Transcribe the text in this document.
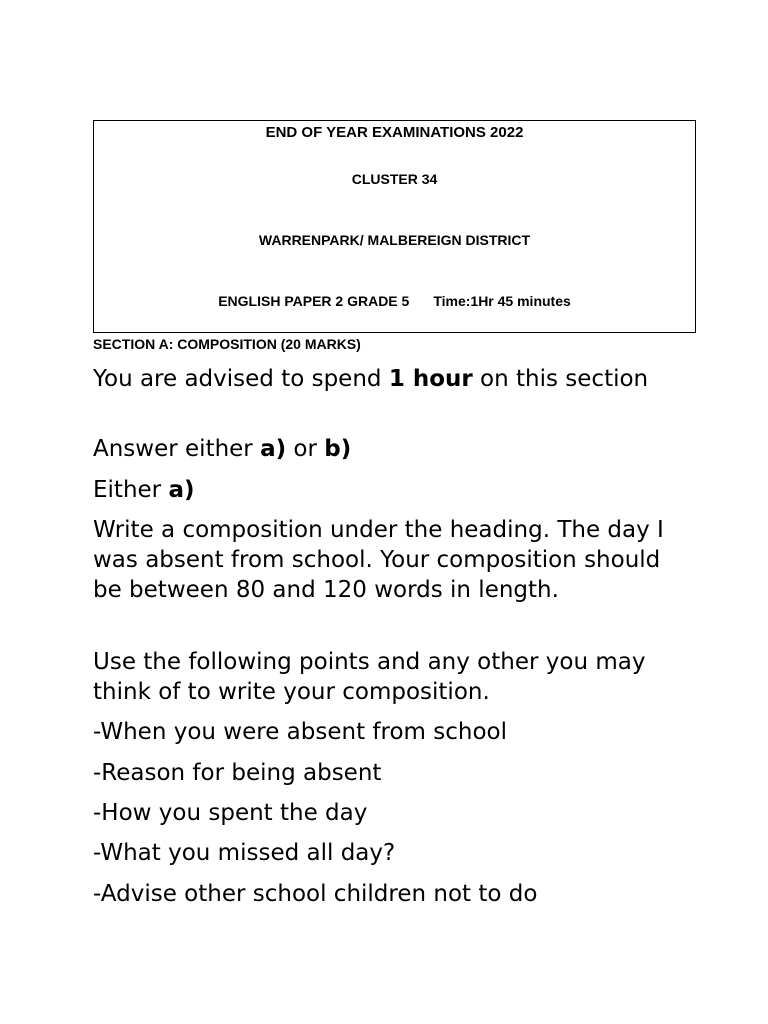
END OF YEAR EXAMINATIONS 2022
CLUSTER 34
WARRENPARK/ MALBEREIGN DISTRICT
ENGLISH PAPER 2 GRADE 5 Time:1Hr 45 minutes
SECTION A: COMPOSITION (20 MARKS)

You are advised to spend 1 hour on this section

Answer either a) or b)

Either a)

Write a composition under the heading. The day I was absent from school. Your composition should be between 80 and 120 words in length.

Use the following points and any other you may think of to write your composition.

-When you were absent from school

-Reason for being absent

-How you spent the day

-What you missed all day?

-Advise other school children not to do
